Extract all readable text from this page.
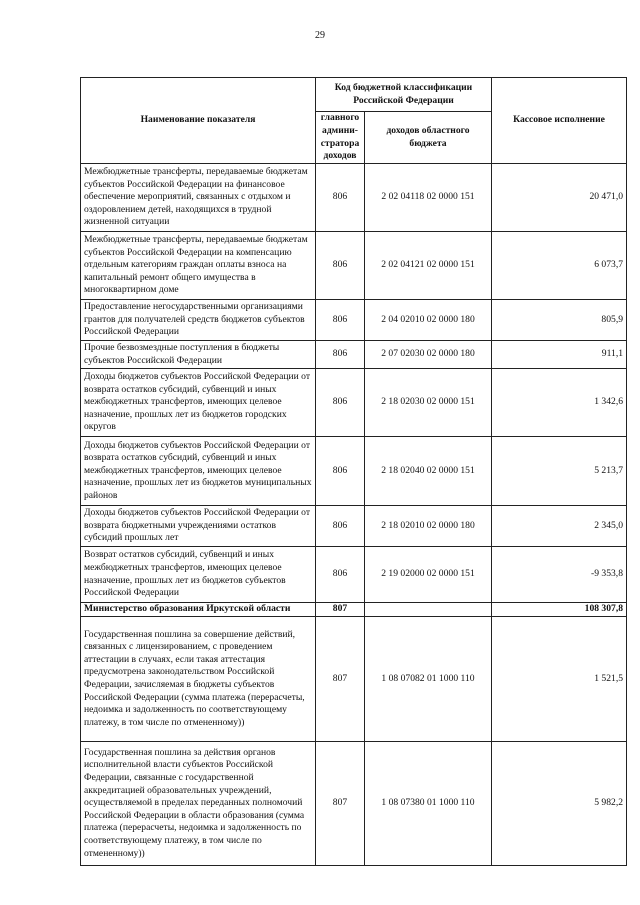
29
Наименование показателя	Код бюджетной классификации Российской Федерации		Кассовое исполнение
	главного админи-стратора доходов	доходов областного бюджета	
Межбюджетные трансферты, передаваемые бюджетам субъектов Российской Федерации на финансовое обеспечение мероприятий, связанных с отдыхом и оздоровлением детей, находящихся в трудной жизненной ситуации	806	2 02 04118 02 0000 151	20 471,0
Межбюджетные трансферты, передаваемые бюджетам субъектов Российской Федерации на компенсацию отдельным категориям граждан оплаты взноса на капитальный ремонт общего имущества в многоквартирном доме	806	2 02 04121 02 0000 151	6 073,7
Предоставление негосударственными организациями грантов для получателей средств бюджетов субъектов Российской Федерации	806	2 04 02010 02 0000 180	805,9
Прочие безвозмездные поступления в бюджеты субъектов Российской Федерации	806	2 07 02030 02 0000 180	911,1
Доходы бюджетов субъектов Российской Федерации от возврата остатков субсидий, субвенций и иных межбюджетных трансфертов, имеющих целевое назначение, прошлых лет из бюджетов городских округов	806	2 18 02030 02 0000 151	1 342,6
Доходы бюджетов субъектов Российской Федерации от возврата остатков субсидий, субвенций и иных межбюджетных трансфертов, имеющих целевое назначение, прошлых лет из бюджетов муниципальных районов	806	2 18 02040 02 0000 151	5 213,7
Доходы бюджетов субъектов Российской Федерации от возврата бюджетными учреждениями остатков субсидий прошлых лет	806	2 18 02010 02 0000 180	2 345,0
Возврат остатков субсидий, субвенций и иных межбюджетных трансфертов, имеющих целевое назначение, прошлых лет из бюджетов субъектов Российской Федерации	806	2 19 02000 02 0000 151	-9 353,8
Министерство образования Иркутской области	807		108 307,8
Государственная пошлина за совершение действий, связанных с лицензированием, с проведением аттестации в случаях, если такая аттестация предусмотрена законодательством Российской Федерации, зачисляемая в бюджеты субъектов Российской Федерации (сумма платежа (перерасчеты, недоимка и задолженность по соответствующему платежу, в том числе по отмененному))	807	1 08 07082 01 1000 110	1 521,5
Государственная пошлина за действия органов исполнительной власти субъектов Российской Федерации, связанные с государственной аккредитацией образовательных учреждений, осуществляемой в пределах переданных полномочий Российской Федерации в области образования (сумма платежа (перерасчеты, недоимка и задолженность по соответствующему платежу, в том числе по отмененному))	807	1 08 07380 01 1000 110	5 982,2
